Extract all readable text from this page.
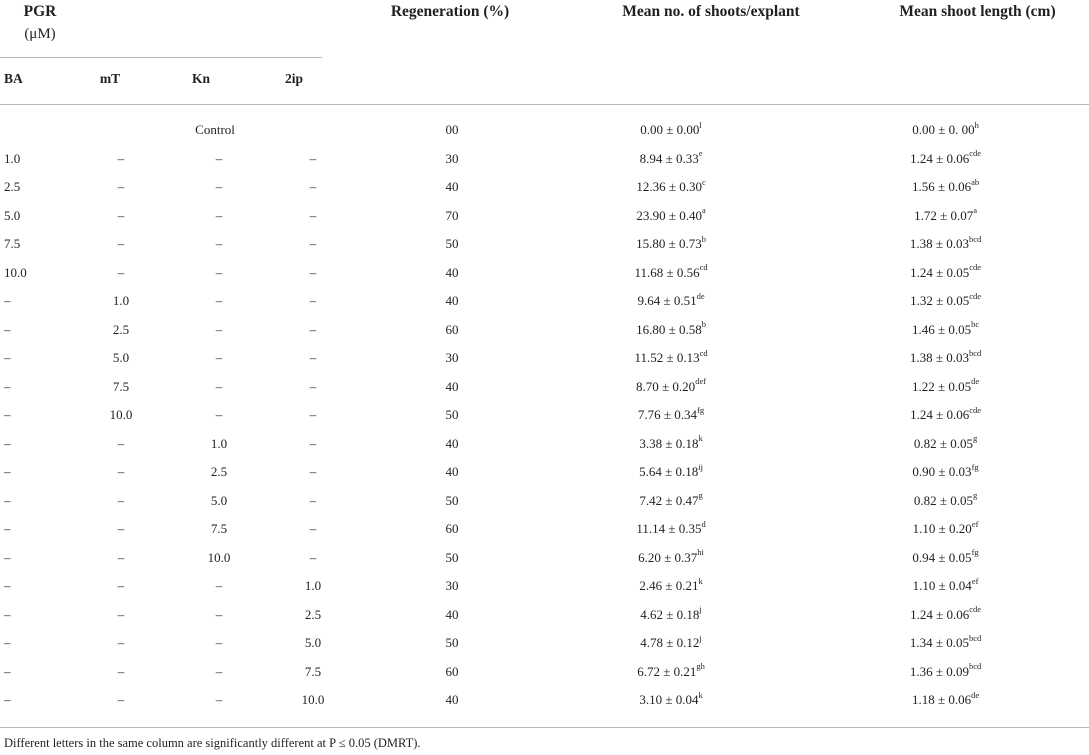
PGR
(μM)
Regeneration (%)	Mean no. of shoots/explant	Mean shoot length (cm)
BA	mT	Kn	2ip
Control				00	$0.00 \pm 0.00^l$	0.00 ± 0. 00$^h$
1.0	–	–	–	30	8.94 ± 0.33$^e$	1.24 ± 0.06$^{cde}$
2.5	–	–	–	40	12.36 ± 0.30$^c$	1.56 ± 0.06$^{ab}$
5.0	–	–	–	70	23.90 ± 0.40$^a$	1.72 ± 0.07$^a$
7.5	–	–	–	50	15.80 ± 0.73$^b$	1.38 ± 0.03$^{bcd}$
10.0	–	–	–	40	11.68 ± 0.56$^{cd}$	1.24 ± 0.05$^{cde}$
–	1.0	–	–	40	9.64 ± 0.51de	1.32 ± 0.05$^{cde}$
–	2.5	–	–	60	16.80 ± 0.58$^b$	1.46 ± 0.05$^{bc}$
–	5.0	–	–	30	11.52 ± 0.13$^{cd}$	1.38 ± 0.03$^{bcd}$
–	7.5	–	–	40	8.70 ± 0.20$^{def}$	1.22 ± 0.05de
–	10.0	–	–	50	7.76 ± 0.34$^{fg}$	1.24 ± 0.06$^{cde}$
–	–	1.0	–	40	$3.38 \pm 0.18^k$	0.82 ± 0.05$^g$
–	–	2.5	–	40	$5.64 \pm 0.18^{ij}$	0.90 ± 0.03$^{fg}$
–	–	5.0	–	50	7.42 ± 0.47$^g$	0.82 ± 0.05$^g$
–	–	7.5	–	60	11.14 ± 0.35$^d$	1.10 ± 0.20$^{ef}$
–	–	10.0	–	50	$6.20 \pm 0.37^{hi}$	0.94 ± 0.05$^{fg}$
–	–	–	1.0	30	$2.46 \pm 0.21^k$	1.10 ± 0.04$^{ef}$
–	–	–	2.5	40	$4.62 \pm 0.18^j$	1.24 ± 0.06$^{cde}$
–	–	–	5.0	50	$4.78 \pm 0.12^j$	1.34 ± 0.05$^{bcd}$
–	–	–	7.5	60	6.72 ± 0.21$^{gh}$	1.36 ± 0.09$^{bcd}$
–	–	–	10.0	40	$3.10 \pm 0.04^k$	1.18 ± 0.06de
Different letters in the same column are significantly different at P ≤ 0.05 (DMRT).
